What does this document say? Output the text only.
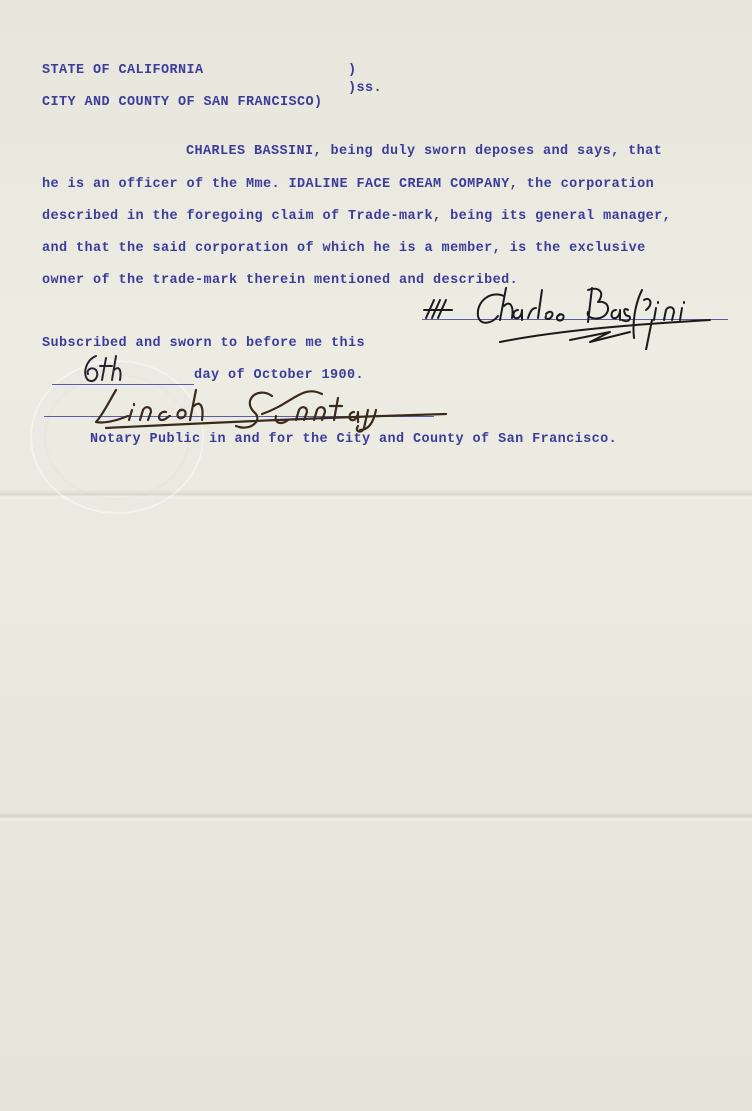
STATE OF CALIFORNIA	)
)ss.
CITY AND COUNTY OF SAN FRANCISCO)
CHARLES BASSINI, being duly sworn deposes and says, that
he is an officer of the Mme. IDALINE FACE CREAM COMPANY, the corporation
described in the foregoing claim of Trade-mark, being its general manager,
and that the said corporation of which he is a member, is the exclusive
owner of the trade-mark therein mentioned and described.
Subscribed and sworn to before me this
day of October 1900.
Notary Public in and for the City and County of San Francisco.
